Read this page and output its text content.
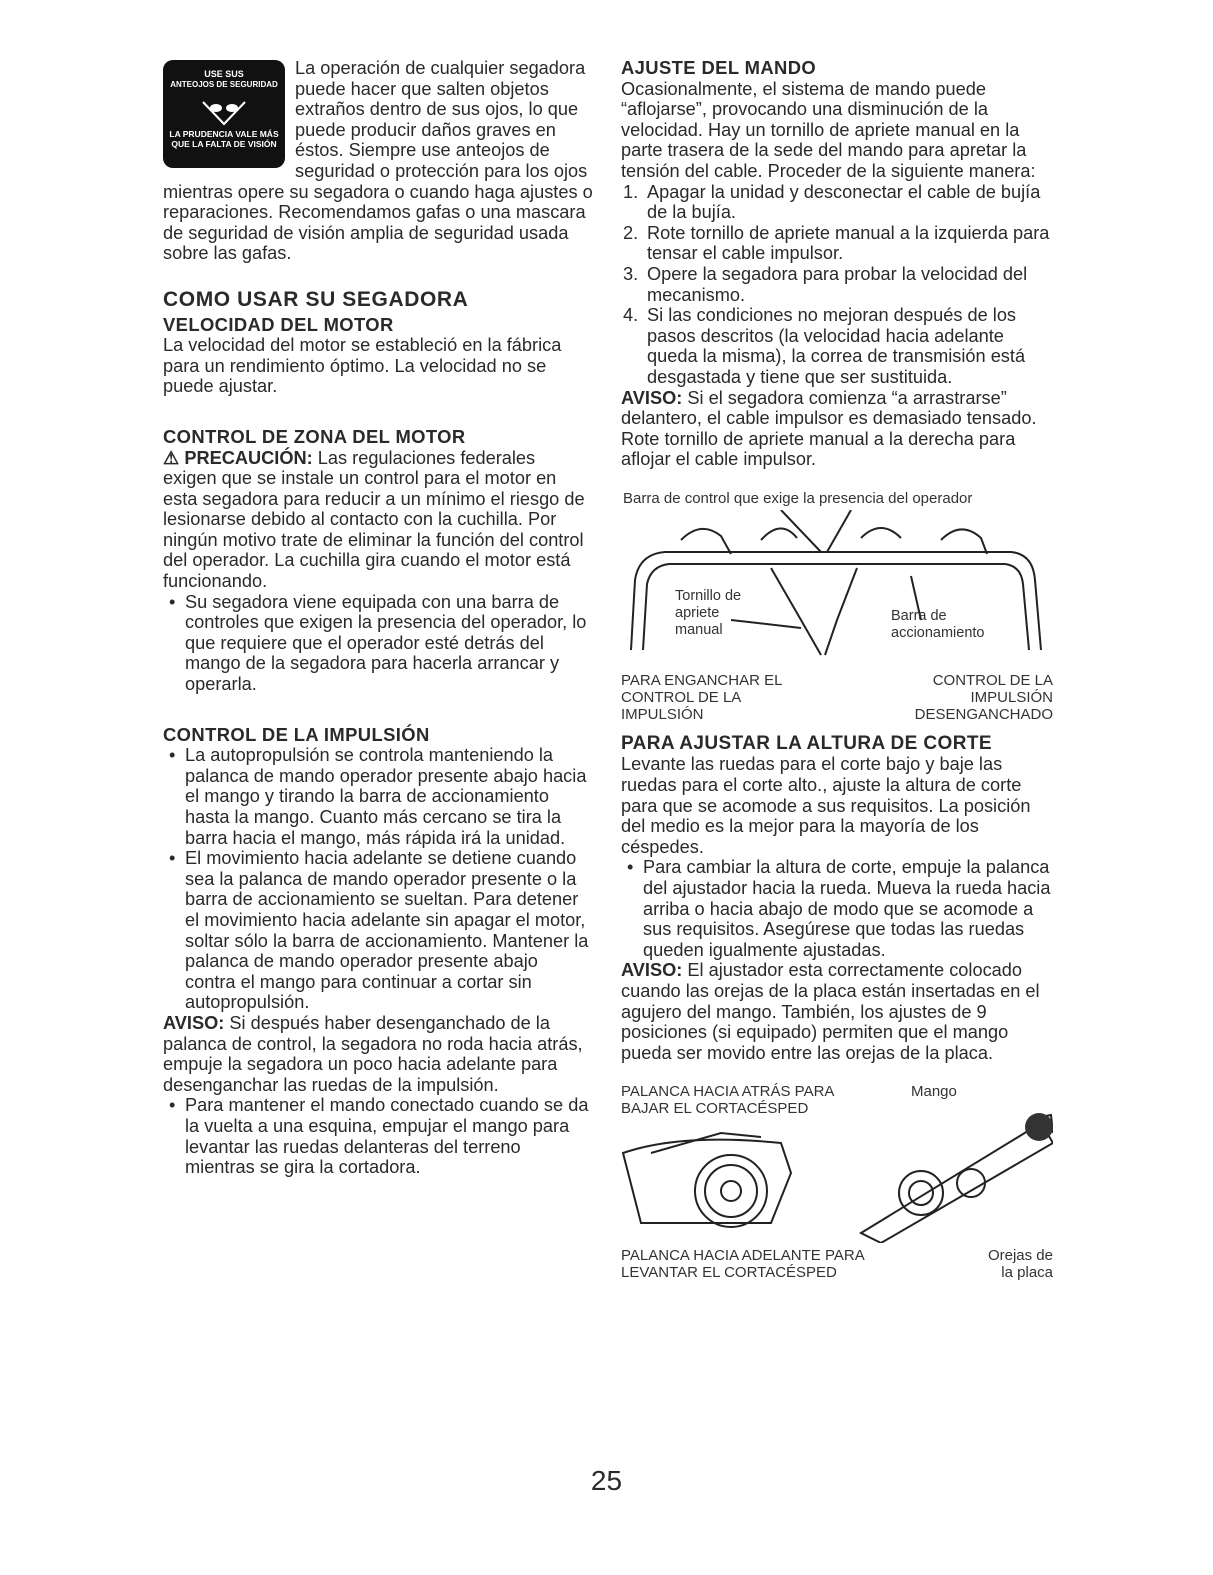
USE SUS
ANTEOJOS DE SEGURIDAD
LA PRUDENCIA VALE MÁS QUE LA FALTA DE VISIÓN

La operación de cualquier segadora puede hacer que salten objetos extraños dentro de sus ojos, lo que puede producir daños graves en éstos. Siempre use anteojos de seguridad o protección para los ojos mientras opere su segadora o cuando haga ajustes o reparaciones. Recomendamos gafas o una mascara de seguridad de visión amplia de seguridad usada sobre las gafas.

COMO USAR SU SEGADORA
VELOCIDAD DEL MOTOR

La velocidad del motor se estableció en la fábrica para un rendimiento óptimo. La velocidad no se puede ajustar.

CONTROL DE ZONA DEL MOTOR

⚠ PRECAUCIÓN: Las regulaciones federales exigen que se instale un control para el motor en esta segadora para reducir a un mínimo el riesgo de lesionarse debido al contacto con la cuchilla. Por ningún motivo trate de eliminar la función del control del operador. La cuchilla gira cuando el motor está funcionando.

• Su segadora viene equipada con una barra de controles que exigen la presencia del operador, lo que requiere que el operador esté detrás del mango de la segadora para hacerla arrancar y operarla.

CONTROL DE LA IMPULSIÓN

• La autopropulsión se controla manteniendo la palanca de mando operador presente abajo hacia el mango y tirando la barra de accionamiento hasta la mango. Cuanto más cercano se tira la barra hacia el mango, más rápida irá la unidad.

• El movimiento hacia adelante se detiene cuando sea la palanca de mando operador presente o la barra de accionamiento se sueltan. Para detener el movimiento hacia adelante sin apagar el motor, soltar sólo la barra de accionamiento. Mantener la palanca de mando operador presente abajo contra el mango para continuar a cortar sin autopropulsión.

AVISO: Si después haber desenganchado de la palanca de control, la segadora no roda hacia atrás, empuje la segadora un poco hacia adelante para desenganchar las ruedas de la impulsión.

• Para mantener el mando conectado cuando se da la vuelta a una esquina, empujar el mango para levantar las ruedas delanteras del terreno mientras se gira la cortadora.

AJUSTE DEL MANDO

Ocasionalmente, el sistema de mando puede “aflojarse”, provocando una disminución de la velocidad. Hay un tornillo de apriete manual en la parte trasera de la sede del mando para apretar la tensión del cable. Proceder de la siguiente manera:

1. Apagar la unidad y desconectar el cable de bujía de la bujía.

2. Rote tornillo de apriete manual a la izquierda para tensar el cable impulsor.

3. Opere la segadora para probar la velocidad del mecanismo.

4. Si las condiciones no mejoran después de los pasos descritos (la velocidad hacia adelante queda la misma), la correa de transmisión está desgastada y tiene que ser sustituida.

AVISO: Si el segadora comienza “a arrastrarse” delantero, el cable impulsor es demasiado tensado. Rote tornillo de apriete manual a la derecha para aflojar el cable impulsor.

Barra de control que exige la presencia del operador
Tornillo de apriete manual
Barra de accionamiento
PARA ENGANCHAR EL CONTROL DE LA IMPULSIÓN
CONTROL DE LA IMPULSIÓN DESENGANCHADO
PARA AJUSTAR LA ALTURA DE CORTE

Levante las ruedas para el corte bajo y baje las ruedas para el corte alto., ajuste la altura de corte para que se acomode a sus requisitos. La posición del medio es la mejor para la mayoría de los céspedes.

• Para cambiar la altura de corte, empuje la palanca del ajustador hacia la rueda. Mueva la rueda hacia arriba o hacia abajo de modo que se acomode a sus requisitos. Asegúrese que todas las ruedas queden igualmente ajustadas.

AVISO: El ajustador esta correctamente colocado cuando las orejas de la placa están insertadas en el agujero del mango. También, los ajustes de 9 posiciones (si equipado) permiten que el mango pueda ser movido entre las orejas de la placa.

PALANCA HACIA ATRÁS PARA BAJAR EL CORTACÉSPED
Mango
PALANCA HACIA ADELANTE PARA LEVANTAR EL CORTACÉSPED
Orejas de la placa
25
